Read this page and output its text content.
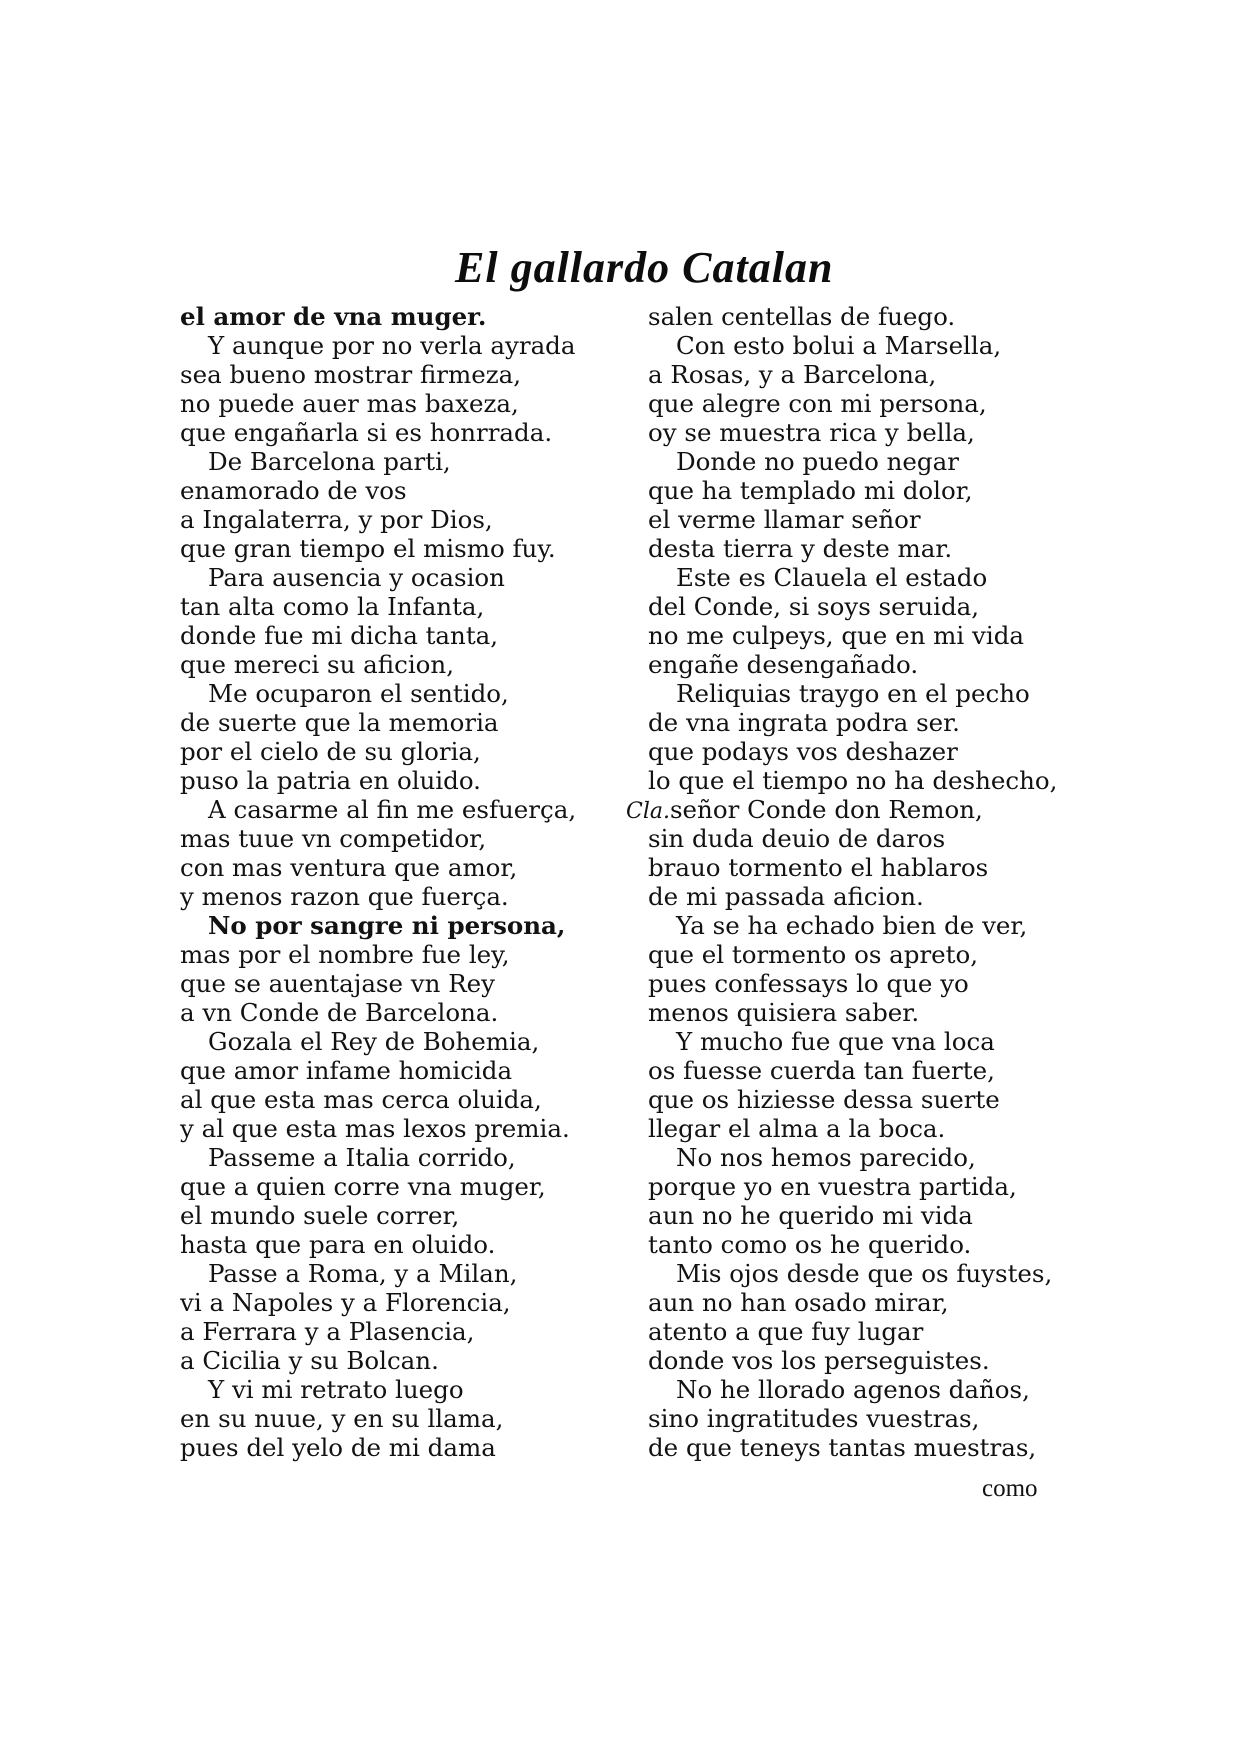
El gallardo Catalan
el amor de vna muger.
Y aunque por no verla ayrada
sea bueno mostrar firmeza,
no puede auer mas baxeza,
que engañarla si es honrrada.
De Barcelona parti,
enamorado de vos
a Ingalaterra, y por Dios,
que gran tiempo el mismo fuy.
Para ausencia y ocasion
tan alta como la Infanta,
donde fue mi dicha tanta,
que mereci su aficion,
Me ocuparon el sentido,
de suerte que la memoria
por el cielo de su gloria,
puso la patria en oluido.
A casarme al fin me esfuerça,
mas tuue vn competidor,
con mas ventura que amor,
y menos razon que fuerça.
No por sangre ni persona,
mas por el nombre fue ley,
que se auentajase vn Rey
a vn Conde de Barcelona.
Gozala el Rey de Bohemia,
que amor infame homicida
al que esta mas cerca oluida,
y al que esta mas lexos premia.
Passeme a Italia corrido,
que a quien corre vna muger,
el mundo suele correr,
hasta que para en oluido.
Passe a Roma, y a Milan,
vi a Napoles y a Florencia,
a Ferrara y a Plasencia,
a Cicilia y su Bolcan.
Y vi mi retrato luego
en su nuue, y en su llama,
pues del yelo de mi dama
salen centellas de fuego.
Con esto bolui a Marsella,
a Rosas, y a Barcelona,
que alegre con mi persona,
oy se muestra rica y bella,
Donde no puedo negar
que ha templado mi dolor,
el verme llamar señor
desta tierra y deste mar.
Este es Clauela el estado
del Conde, si soys seruida,
no me culpeys, que en mi vida
engañe desengañado.
Reliquias traygo en el pecho
de vna ingrata podra ser.
que podays vos deshazer
lo que el tiempo no ha deshecho,
Cla.señor Conde don Remon,
sin duda deuio de daros
brauo tormento el hablaros
de mi passada aficion.
Ya se ha echado bien de ver,
que el tormento os apreto,
pues confessays lo que yo
menos quisiera saber.
Y mucho fue que vna loca
os fuesse cuerda tan fuerte,
que os hiziesse dessa suerte
llegar el alma a la boca.
No nos hemos parecido,
porque yo en vuestra partida,
aun no he querido mi vida
tanto como os he querido.
Mis ojos desde que os fuystes,
aun no han osado mirar,
atento a que fuy lugar
donde vos los perseguistes.
No he llorado agenos daños,
sino ingratitudes vuestras,
de que teneys tantas muestras,
como
